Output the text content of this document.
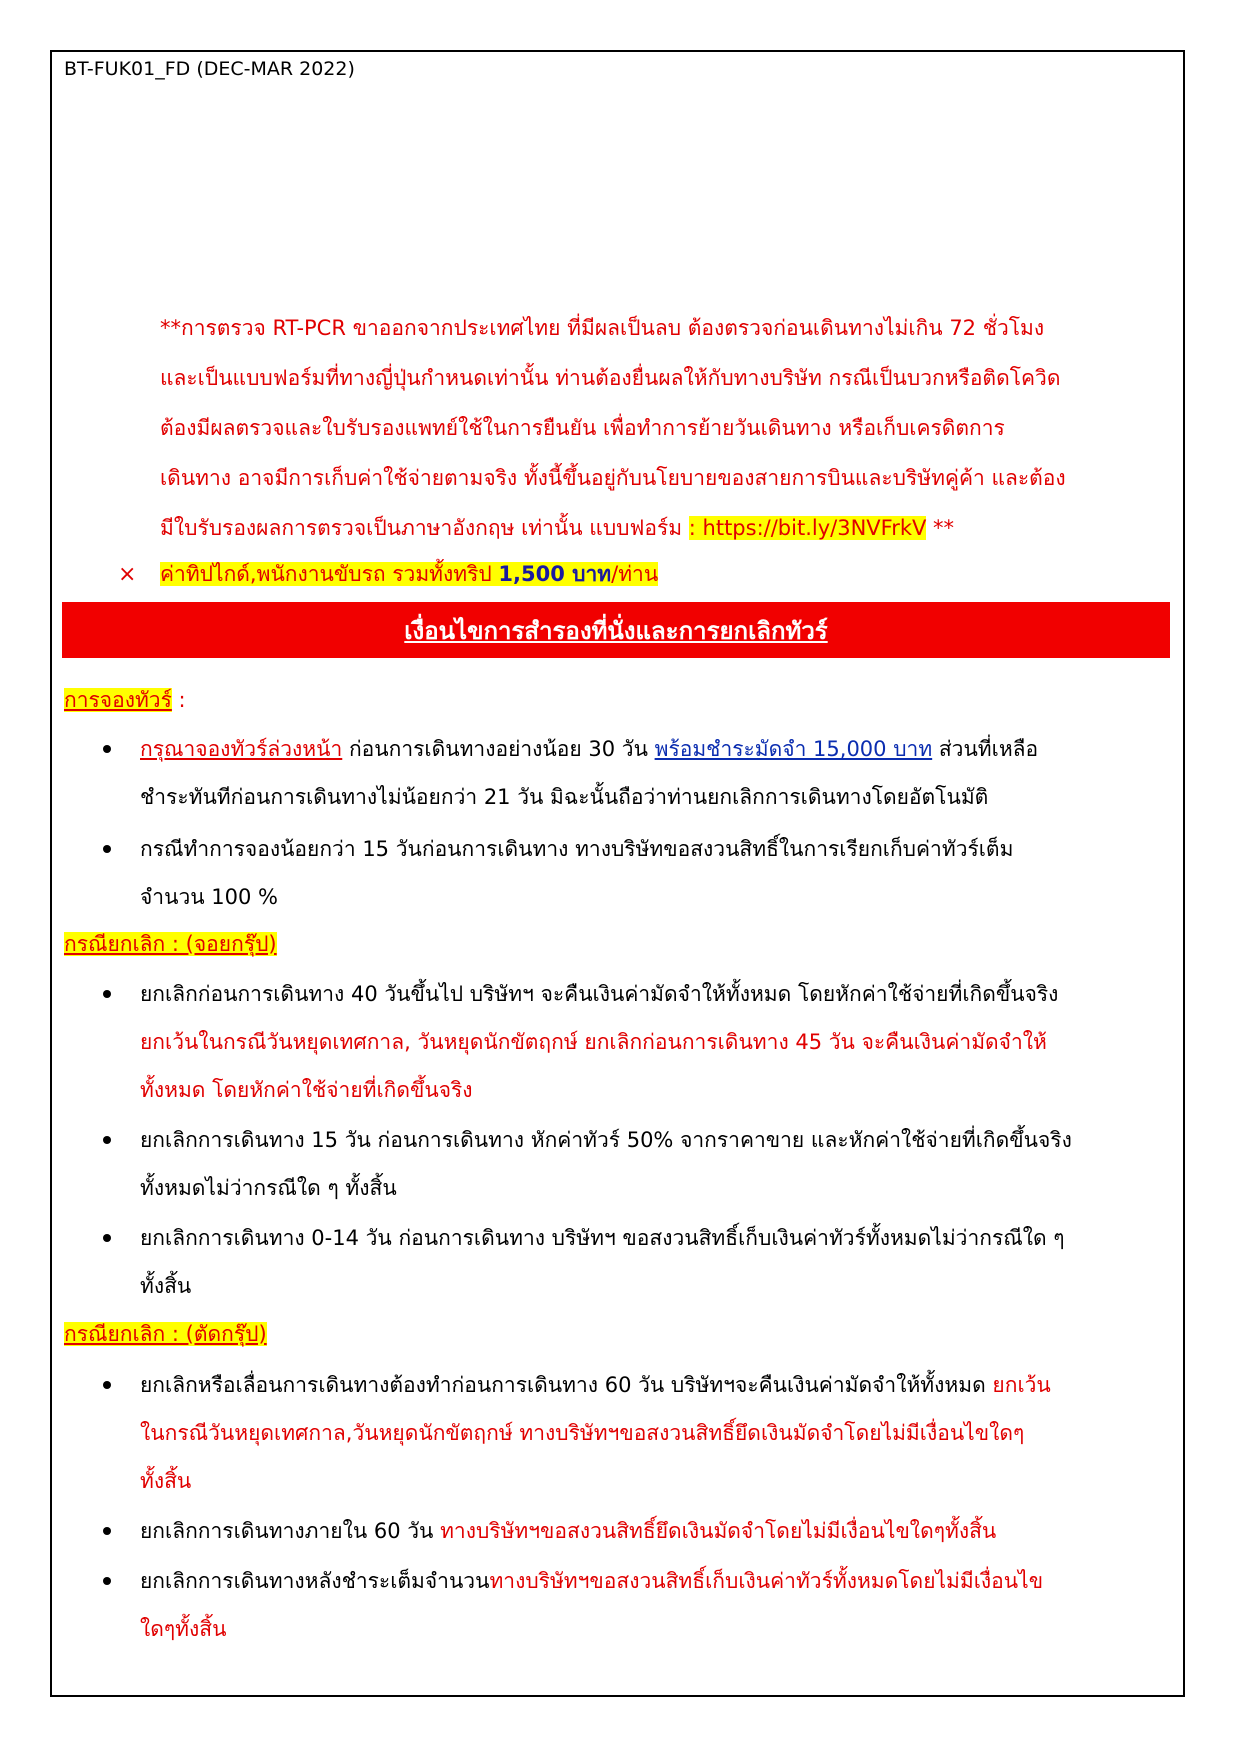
BT-FUK01_FD (DEC-MAR 2022)
**การตรวจ RT-PCR ขาออกจากประเทศไทย ที่มีผลเป็นลบ ต้องตรวจก่อนเดินทางไม่เกิน 72 ชั่วโมง
และเป็นแบบฟอร์มที่ทางญี่ปุ่นกำหนดเท่านั้น ท่านต้องยื่นผลให้กับทางบริษัท กรณีเป็นบวกหรือติดโควิด
ต้องมีผลตรวจและใบรับรองแพทย์ใช้ในการยืนยัน เพื่อทำการย้ายวันเดินทาง หรือเก็บเครดิตการ
เดินทาง อาจมีการเก็บค่าใช้จ่ายตามจริง ทั้งนี้ขึ้นอยู่กับนโยบายของสายการบินและบริษัทคู่ค้า และต้อง
มีใบรับรองผลการตรวจเป็นภาษาอังกฤษ เท่านั้น แบบฟอร์ม : https://bit.ly/3NVFrkV **
× ค่าทิปไกด์,พนักงานขับรถ รวมทั้งทริป 1,500 บาท/ท่าน
เงื่อนไขการสำรองที่นั่งและการยกเลิกทัวร์
การจองทัวร์ :
กรุณาจองทัวร์ล่วงหน้า ก่อนการเดินทางอย่างน้อย 30 วัน พร้อมชำระมัดจำ 15,000 บาท ส่วนที่เหลือ
ชำระทันทีก่อนการเดินทางไม่น้อยกว่า 21 วัน มิฉะนั้นถือว่าท่านยกเลิกการเดินทางโดยอัตโนมัติ
กรณีทำการจองน้อยกว่า 15 วันก่อนการเดินทาง ทางบริษัทขอสงวนสิทธิ์ในการเรียกเก็บค่าทัวร์เต็ม
จำนวน 100 %
กรณียกเลิก : (จอยกรุ๊ป)
ยกเลิกก่อนการเดินทาง 40 วันขึ้นไป บริษัทฯ จะคืนเงินค่ามัดจำให้ทั้งหมด โดยหักค่าใช้จ่ายที่เกิดขึ้นจริง
ยกเว้นในกรณีวันหยุดเทศกาล, วันหยุดนักขัตฤกษ์ ยกเลิกก่อนการเดินทาง 45 วัน จะคืนเงินค่ามัดจำให้
ทั้งหมด โดยหักค่าใช้จ่ายที่เกิดขึ้นจริง
ยกเลิกการเดินทาง 15 วัน ก่อนการเดินทาง หักค่าทัวร์ 50% จากราคาขาย และหักค่าใช้จ่ายที่เกิดขึ้นจริง
ทั้งหมดไม่ว่ากรณีใด ๆ ทั้งสิ้น
ยกเลิกการเดินทาง 0-14 วัน ก่อนการเดินทาง บริษัทฯ ขอสงวนสิทธิ์เก็บเงินค่าทัวร์ทั้งหมดไม่ว่ากรณีใด ๆ
ทั้งสิ้น
กรณียกเลิก : (ตัดกรุ๊ป)
ยกเลิกหรือเลื่อนการเดินทางต้องทำก่อนการเดินทาง 60 วัน บริษัทฯจะคืนเงินค่ามัดจำให้ทั้งหมด ยกเว้น
ในกรณีวันหยุดเทศกาล,วันหยุดนักขัตฤกษ์ ทางบริษัทฯขอสงวนสิทธิ์ยึดเงินมัดจำโดยไม่มีเงื่อนไขใดๆ
ทั้งสิ้น
ยกเลิกการเดินทางภายใน 60 วัน ทางบริษัทฯขอสงวนสิทธิ์ยึดเงินมัดจำโดยไม่มีเงื่อนไขใดๆทั้งสิ้น
ยกเลิกการเดินทางหลังชำระเต็มจำนวนทางบริษัทฯขอสงวนสิทธิ์เก็บเงินค่าทัวร์ทั้งหมดโดยไม่มีเงื่อนไข
ใดๆทั้งสิ้น
